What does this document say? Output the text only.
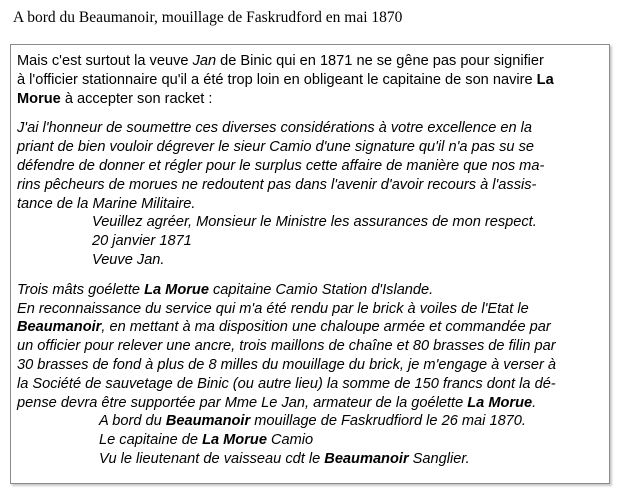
A bord du Beaumanoir, mouillage de Faskrudford en mai 1870
Mais c'est surtout la veuve Jan de Binic qui en 1871 ne se gêne pas pour signifier
à l'officier stationnaire qu'il a été trop loin en obligeant le capitaine de son navire La
Morue à accepter son racket :
J'ai l'honneur de soumettre ces diverses considérations à votre excellence en la
priant de bien vouloir dégrever le sieur Camio d'une signature qu'il n'a pas su se
défendre de donner et régler pour le surplus cette affaire de manière que nos ma-
rins pêcheurs de morues ne redoutent pas dans l'avenir d'avoir recours à l'assis-
tance de la Marine Militaire.
Veuillez agréer, Monsieur le Ministre les assurances de mon respect.
20 janvier 1871
Veuve Jan.
Trois mâts goélette La Morue capitaine Camio Station d'Islande.
En reconnaissance du service qui m'a été rendu par le brick à voiles de l'Etat le
Beaumanoir, en mettant à ma disposition une chaloupe armée et commandée par
un officier pour relever une ancre, trois maillons de chaîne et 80 brasses de filin par
30 brasses de fond à plus de 8 milles du mouillage du brick, je m'engage à verser à
la Société de sauvetage de Binic (ou autre lieu) la somme de 150 francs dont la dé-
pense devra être supportée par Mme Le Jan, armateur de la goélette La Morue.
A bord du Beaumanoir mouillage de Faskrudfiord le 26 mai 1870.
Le capitaine de La Morue Camio
Vu le lieutenant de vaisseau cdt le Beaumanoir Sanglier.
